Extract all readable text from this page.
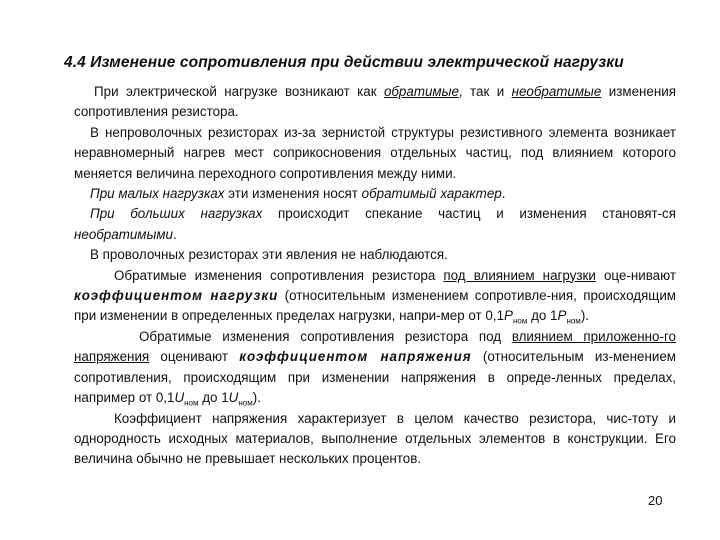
4.4 Изменение сопротивления при действии электрической нагрузки

При электрической нагрузке возникают как обратимые, так и необратимые изменения сопротивления резистора.

В непроволочных резисторах из-за зернистой структуры резистивного элемента возникает неравномерный нагрев мест соприкосновения отдельных частиц, под влиянием которого меняется величина переходного сопротивления между ними.

При малых нагрузках эти изменения носят обратимый характер.

При больших нагрузках происходит спекание частиц и изменения становят-ся необратимыми.

В проволочных резисторах эти явления не наблюдаются.

Обратимые изменения сопротивления резистора под влиянием нагрузки оце-нивают коэффициентом нагрузки (относительным изменением сопротивле-ния, происходящим при изменении в определенных пределах нагрузки, напри-мер от $0,1Р_{ном}$ до $1Р_{ном}$).

Обратимые изменения сопротивления резистора под влиянием приложенно-го напряжения оценивают коэффициентом напряжения (относительным из-менением сопротивления, происходящим при изменении напряжения в опреде-ленных пределах, например от $0,1U_{ном}$ до $1U_{ном}$).

Коэффициент напряжения характеризует в целом качество резистора, чис-тоту и однородность исходных материалов, выполнение отдельных элементов в конструкции. Его величина обычно не превышает нескольких процентов.

20
